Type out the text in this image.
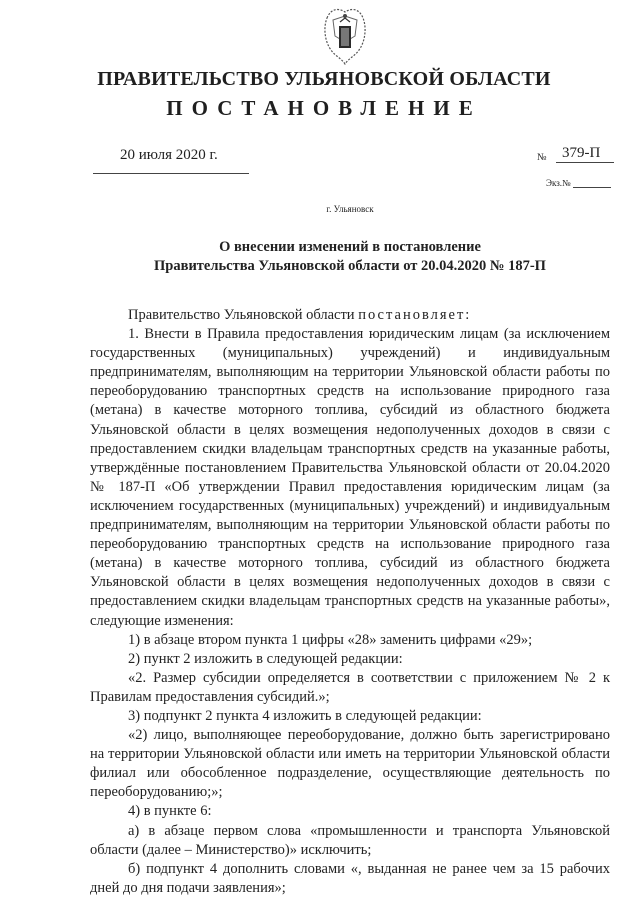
ПРАВИТЕЛЬСТВО УЛЬЯНОВСКОЙ ОБЛАСТИ
ПОСТАНОВЛЕНИЕ
20 июля 2020 г.	№	379-П
Экз.№
г. Ульяновск
О внесении изменений в постановление
Правительства Ульяновской области от 20.04.2020 № 187-П

Правительство Ульяновской области постановляет:

1. Внести в Правила предоставления юридическим лицам (за исключением государственных (муниципальных) учреждений) и индивидуальным предпринимателям, выполняющим на территории Ульяновской области работы по переоборудованию транспортных средств на использование природного газа (метана) в качестве моторного топлива, субсидий из областного бюджета Ульяновской области в целях возмещения недополученных доходов в связи с предоставлением скидки владельцам транспортных средств на указанные работы, утверждённые постановлением Правительства Ульяновской области от 20.04.2020 № 187-П «Об утверждении Правил предоставления юридическим лицам (за исключением государственных (муниципальных) учреждений) и индивидуальным предпринимателям, выполняющим на территории Ульяновской области работы по переоборудованию транспортных средств на использование природного газа (метана) в качестве моторного топлива, субсидий из областного бюджета Ульяновской области в целях возмещения недополученных доходов в связи с предоставлением скидки владельцам транспортных средств на указанные работы», следующие изменения:

1) в абзаце втором пункта 1 цифры «28» заменить цифрами «29»;

2) пункт 2 изложить в следующей редакции:

«2. Размер субсидии определяется в соответствии с приложением № 2 к Правилам предоставления субсидий.»;

3) подпункт 2 пункта 4 изложить в следующей редакции:

«2) лицо, выполняющее переоборудование, должно быть зарегистрировано на территории Ульяновской области или иметь на территории Ульяновской области филиал или обособленное подразделение, осуществляющие деятельность по переоборудованию;»;

4) в пункте 6:

а) в абзаце первом слова «промышленности и транспорта Ульяновской области (далее – Министерство)» исключить;

б) подпункт 4 дополнить словами «, выданная не ранее чем за 15 рабочих дней до дня подачи заявления»;
